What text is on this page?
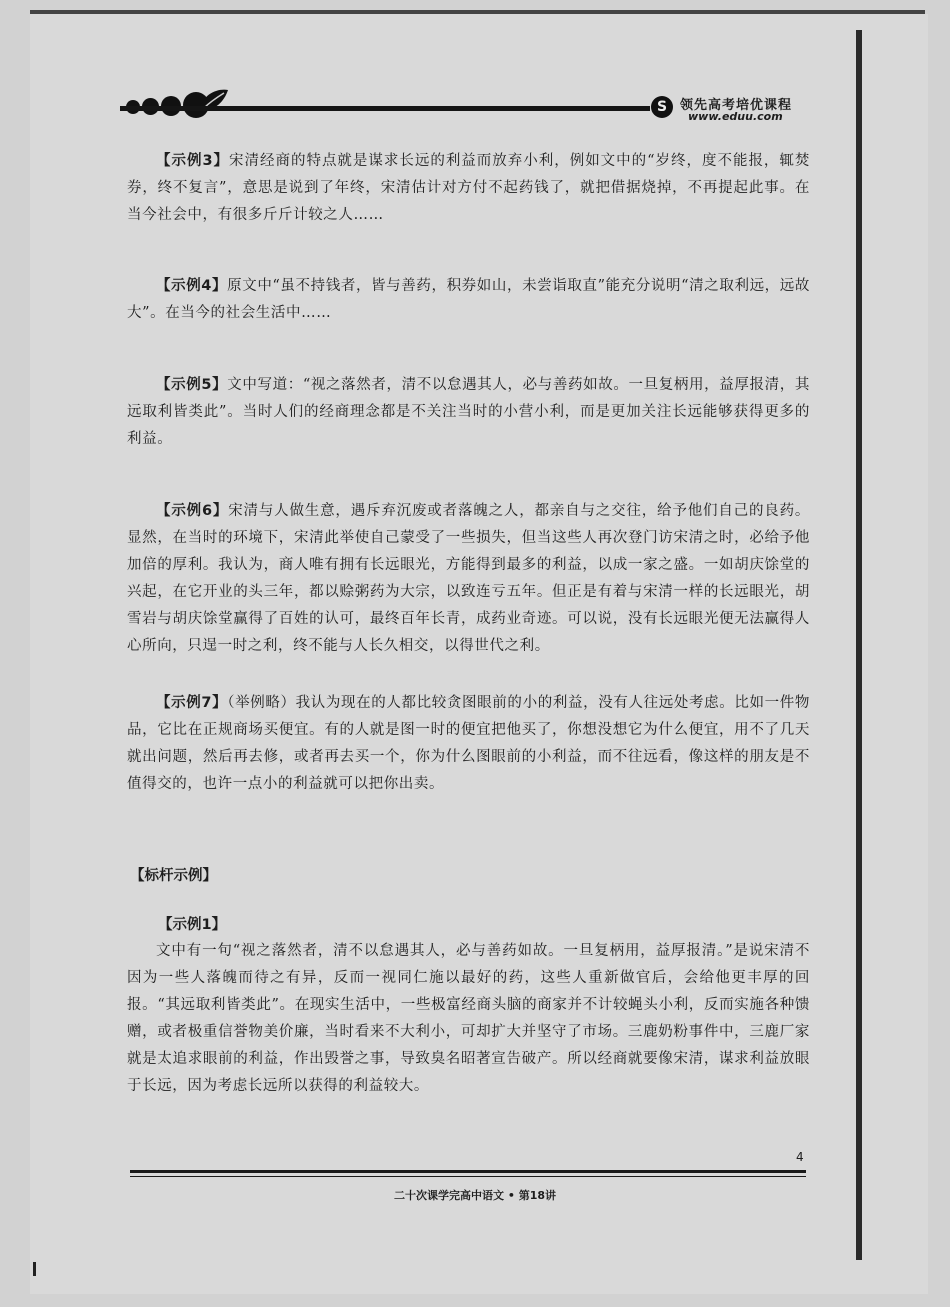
S 领先高考培优课程
www.eduu.com

【示例3】宋清经商的特点就是谋求长远的利益而放弃小利，例如文中的“岁终，度不能报，辄焚券，终不复言”，意思是说到了年终，宋清估计对方付不起药钱了，就把借据烧掉，不再提起此事。在当今社会中，有很多斤斤计较之人……

【示例4】原文中“虽不持钱者，皆与善药，积券如山，未尝诣取直”能充分说明“清之取利远，远故大”。在当今的社会生活中……

【示例5】文中写道：“视之落然者，清不以怠遇其人，必与善药如故。一旦复柄用，益厚报清，其远取利皆类此”。当时人们的经商理念都是不关注当时的小营小利，而是更加关注长远能够获得更多的利益。

【示例6】宋清与人做生意，遇斥弃沉废或者落魄之人，都亲自与之交往，给予他们自己的良药。显然，在当时的环境下，宋清此举使自己蒙受了一些损失，但当这些人再次登门访宋清之时，必给予他加倍的厚利。我认为，商人唯有拥有长远眼光，方能得到最多的利益，以成一家之盛。一如胡庆馀堂的兴起，在它开业的头三年，都以赊粥药为大宗，以致连亏五年。但正是有着与宋清一样的长远眼光，胡雪岩与胡庆馀堂赢得了百姓的认可，最终百年长青，成药业奇迹。可以说，没有长远眼光便无法赢得人心所向，只逞一时之利，终不能与人长久相交，以得世代之利。

【示例7】（举例略）我认为现在的人都比较贪图眼前的小的利益，没有人往远处考虑。比如一件物品，它比在正规商场买便宜。有的人就是图一时的便宜把他买了，你想没想它为什么便宜，用不了几天就出问题，然后再去修，或者再去买一个，你为什么图眼前的小利益，而不往远看，像这样的朋友是不值得交的，也许一点小的利益就可以把你出卖。

【标杆示例】
【示例1】

文中有一句“视之落然者，清不以怠遇其人，必与善药如故。一旦复柄用，益厚报清。”是说宋清不因为一些人落魄而待之有异，反而一视同仁施以最好的药，这些人重新做官后，会给他更丰厚的回报。“其远取利皆类此”。在现实生活中，一些极富经商头脑的商家并不计较蝇头小利，反而实施各种馈赠，或者极重信誉物美价廉，当时看来不大利小，可却扩大并坚守了市场。三鹿奶粉事件中，三鹿厂家就是太追求眼前的利益，作出毁誉之事，导致臭名昭著宣告破产。所以经商就要像宋清，谋求利益放眼于长远，因为考虑长远所以获得的利益较大。

4
二十次课学完高中语文 • 第18讲
